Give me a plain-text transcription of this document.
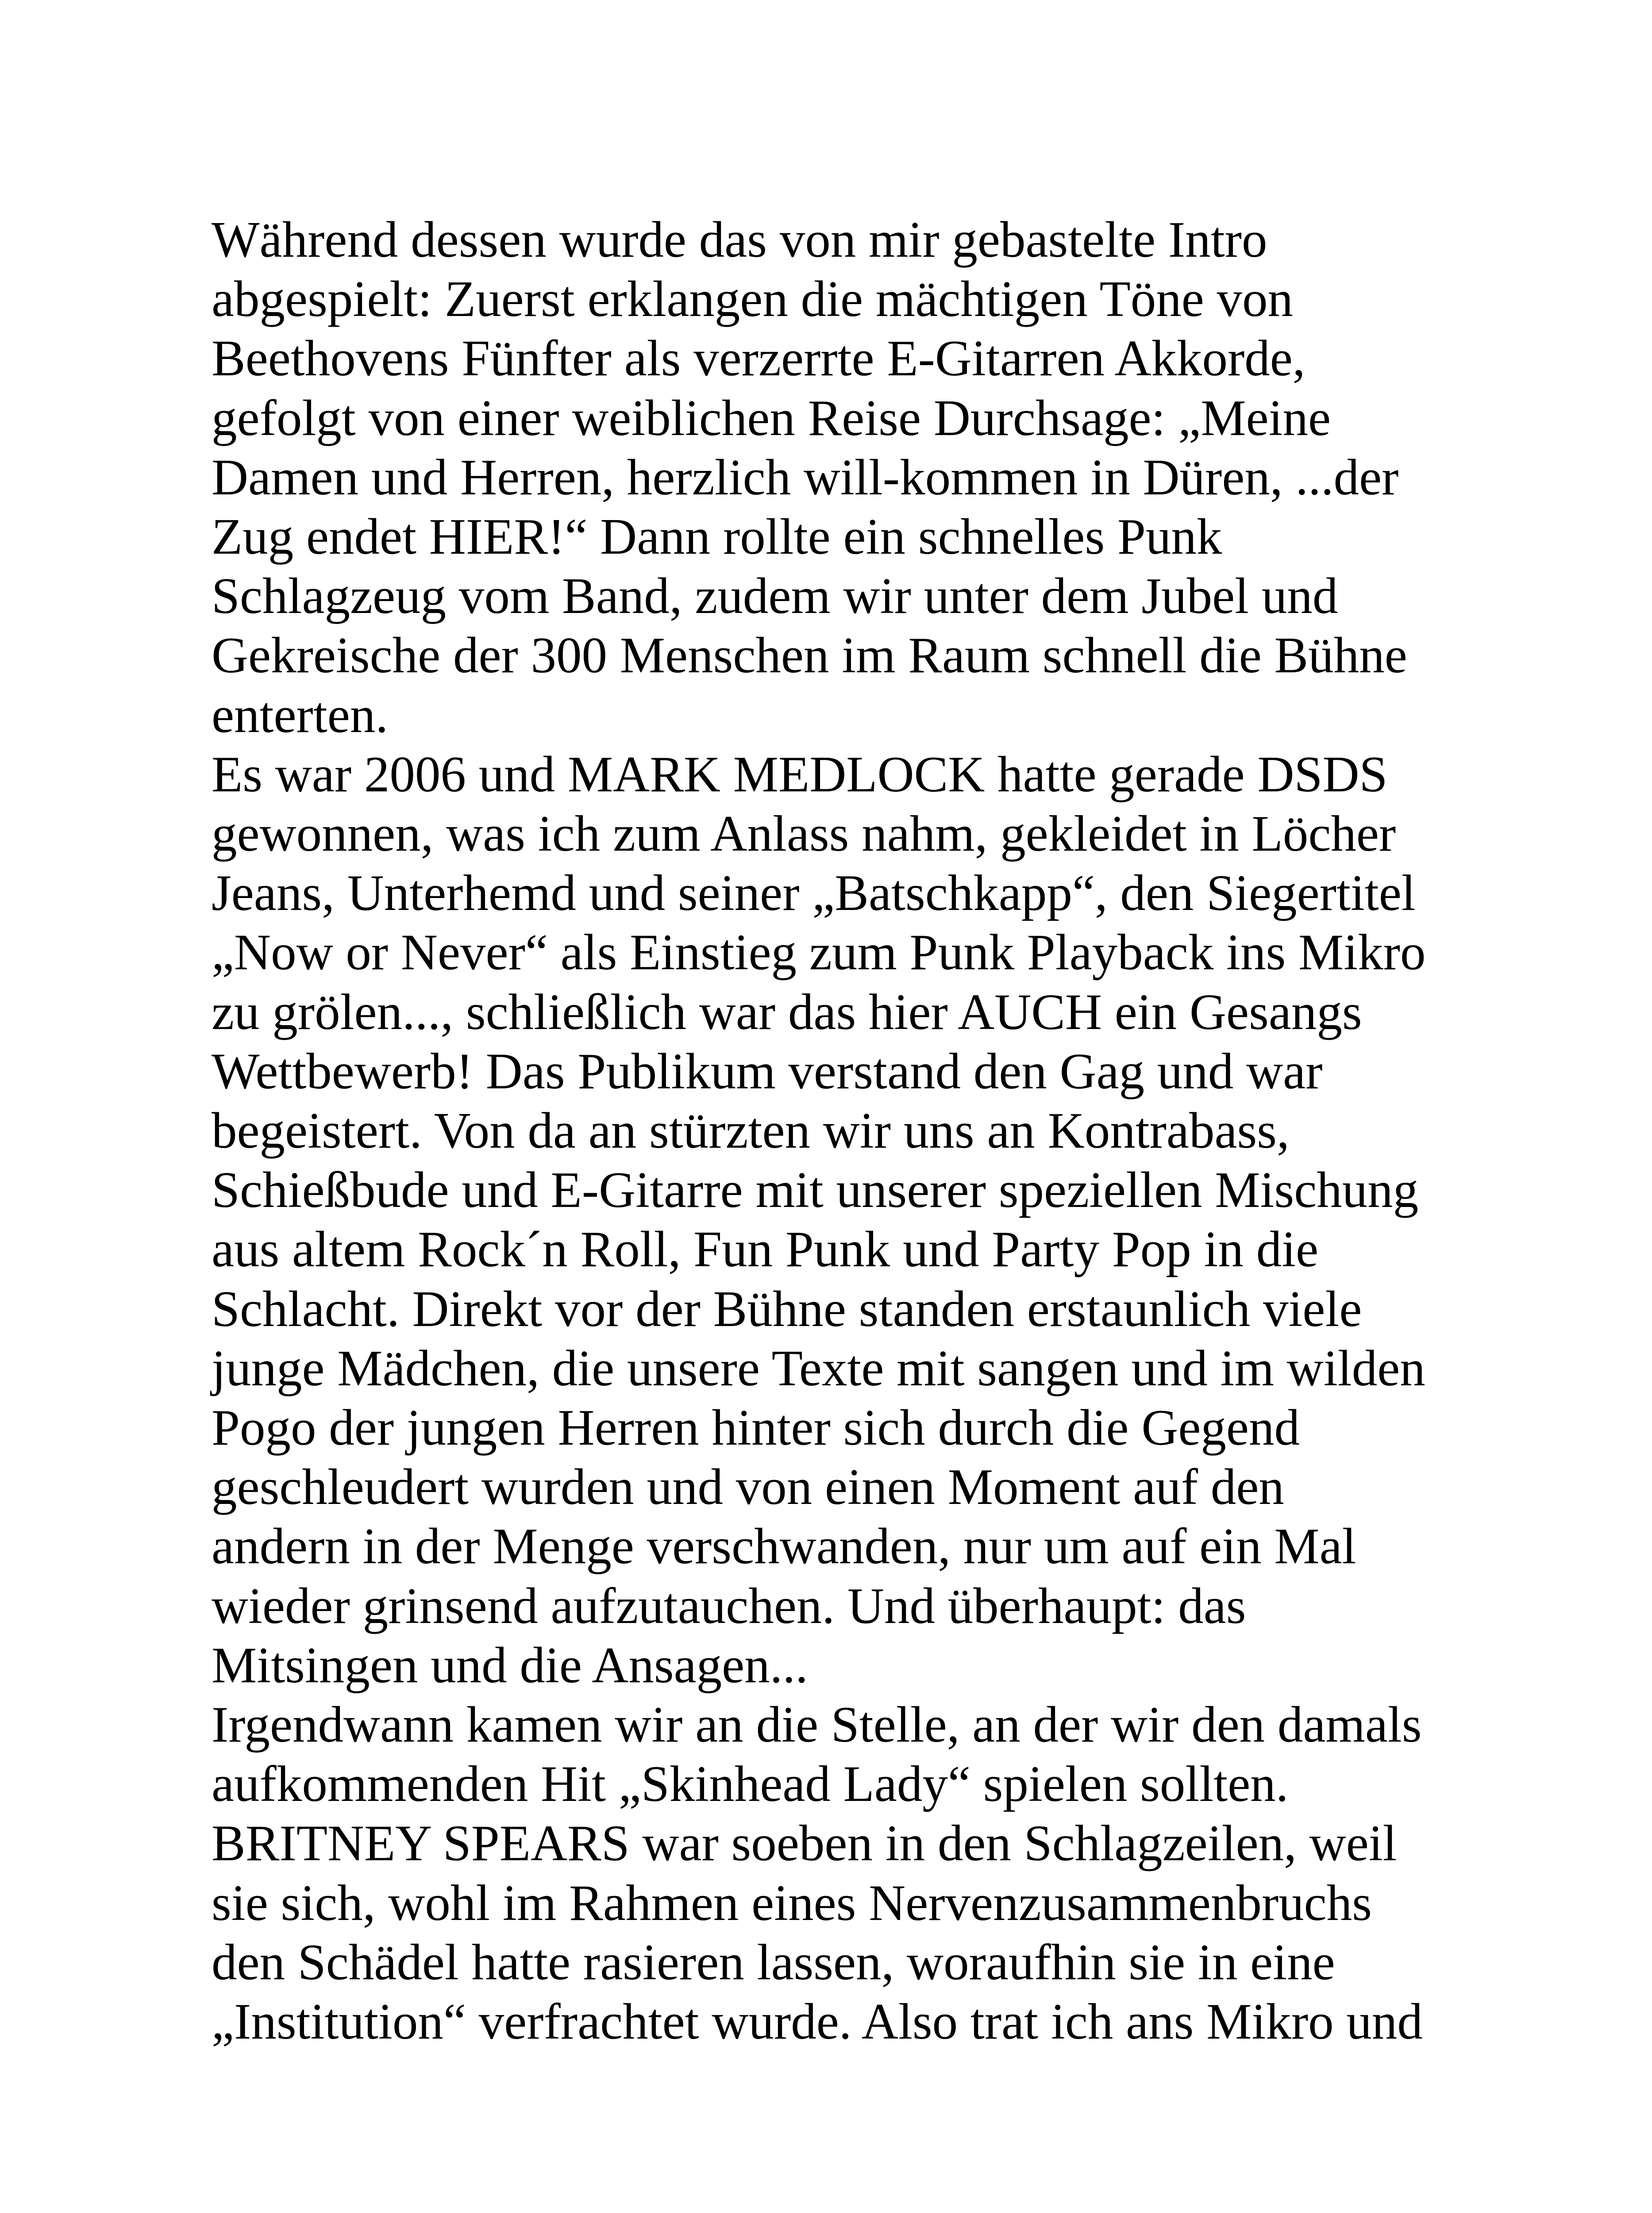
Während dessen wurde das von mir gebastelte Intro
abgespielt: Zuerst erklangen die mächtigen Töne von
Beethovens Fünfter als verzerrte E-Gitarren Akkorde,
gefolgt von einer weiblichen Reise Durchsage: „Meine
Damen und Herren, herzlich will-kommen in Düren, ...der
Zug endet HIER!“ Dann rollte ein schnelles Punk
Schlagzeug vom Band, zudem wir unter dem Jubel und
Gekreische der 300 Menschen im Raum schnell die Bühne
enterten.
Es war 2006 und MARK MEDLOCK hatte gerade DSDS
gewonnen, was ich zum Anlass nahm, gekleidet in Löcher
Jeans, Unterhemd und seiner „Batschkapp“, den Siegertitel
„Now or Never“ als Einstieg zum Punk Playback ins Mikro
zu grölen..., schließlich war das hier AUCH ein Gesangs
Wettbewerb! Das Publikum verstand den Gag und war
begeistert. Von da an stürzten wir uns an Kontrabass,
Schießbude und E-Gitarre mit unserer speziellen Mischung
aus altem Rock´n Roll, Fun Punk und Party Pop in die
Schlacht. Direkt vor der Bühne standen erstaunlich viele
junge Mädchen, die unsere Texte mit sangen und im wilden
Pogo der jungen Herren hinter sich durch die Gegend
geschleudert wurden und von einen Moment auf den
andern in der Menge verschwanden, nur um auf ein Mal
wieder grinsend aufzutauchen. Und überhaupt: das
Mitsingen und die Ansagen...
Irgendwann kamen wir an die Stelle, an der wir den damals
aufkommenden Hit „Skinhead Lady“ spielen sollten.
BRITNEY SPEARS war soeben in den Schlagzeilen, weil
sie sich, wohl im Rahmen eines Nervenzusammenbruchs
den Schädel hatte rasieren lassen, woraufhin sie in eine
„Institution“ verfrachtet wurde. Also trat ich ans Mikro und
